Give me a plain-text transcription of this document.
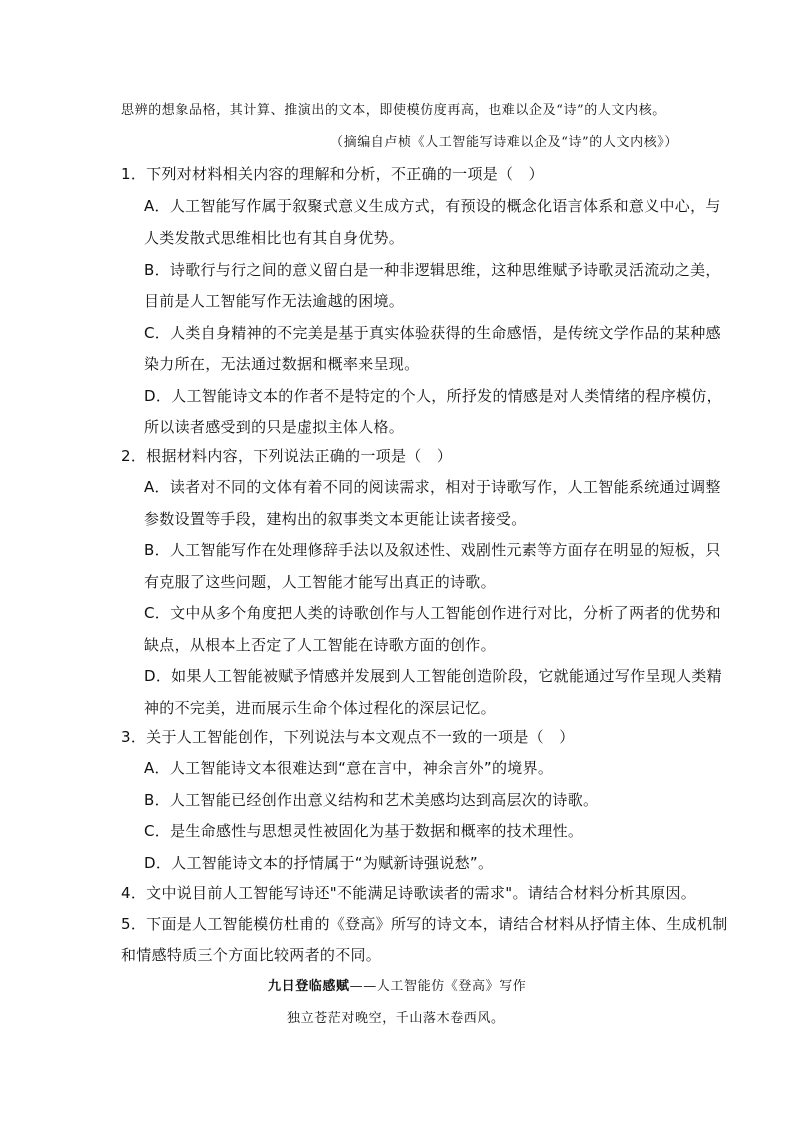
思辨的想象品格，其计算、推演出的文本，即使模仿度再高，也难以企及“诗”的人文内核。
（摘编自卢桢《人工智能写诗难以企及“诗”的人文内核》）
1．下列对材料相关内容的理解和分析，不正确的一项是（　）
A．人工智能写作属于叙聚式意义生成方式，有预设的概念化语言体系和意义中心，与
人类发散式思维相比也有其自身优势。
B．诗歌行与行之间的意义留白是一种非逻辑思维，这种思维赋予诗歌灵活流动之美，
目前是人工智能写作无法逾越的困境。
C．人类自身精神的不完美是基于真实体验获得的生命感悟，是传统文学作品的某种感
染力所在，无法通过数据和概率来呈现。
D．人工智能诗文本的作者不是特定的个人，所抒发的情感是对人类情绪的程序模仿，
所以读者感受到的只是虚拟主体人格。
2．根据材料内容，下列说法正确的一项是（　）
A．读者对不同的文体有着不同的阅读需求，相对于诗歌写作，人工智能系统通过调整
参数设置等手段，建构出的叙事类文本更能让读者接受。
B．人工智能写作在处理修辞手法以及叙述性、戏剧性元素等方面存在明显的短板，只
有克服了这些问题，人工智能才能写出真正的诗歌。
C．文中从多个角度把人类的诗歌创作与人工智能创作进行对比，分析了两者的优势和
缺点，从根本上否定了人工智能在诗歌方面的创作。
D．如果人工智能被赋予情感并发展到人工智能创造阶段，它就能通过写作呈现人类精
神的不完美，进而展示生命个体过程化的深层记忆。
3．关于人工智能创作，下列说法与本文观点不一致的一项是（　）
A．人工智能诗文本很难达到“意在言中，神余言外”的境界。
B．人工智能已经创作出意义结构和艺术美感均达到高层次的诗歌。
C．是生命感性与思想灵性被固化为基于数据和概率的技术理性。
D．人工智能诗文本的抒情属于“为赋新诗强说愁”。
4．文中说目前人工智能写诗还"不能满足诗歌读者的需求"。请结合材料分析其原因。
5．下面是人工智能模仿杜甫的《登高》所写的诗文本，请结合材料从抒情主体、生成机制
和情感特质三个方面比较两者的不同。
九日登临感赋——人工智能仿《登高》写作
独立苍茫对晚空，千山落木卷西风。
